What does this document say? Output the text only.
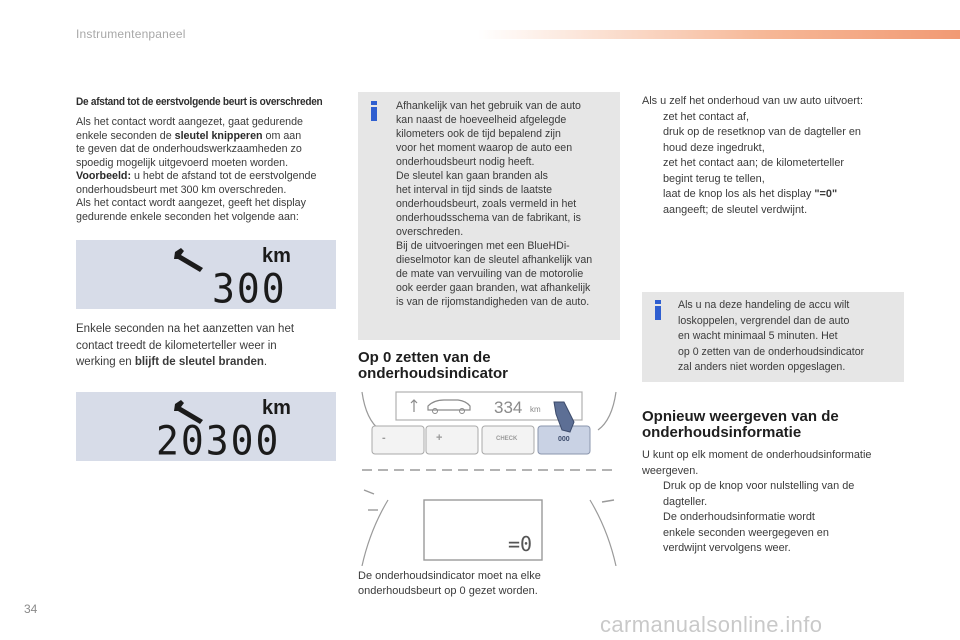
Instrumentenpaneel
De afstand tot de eerstvolgende beurt is overschreden
Als het contact wordt aangezet, gaat gedurende
enkele seconden de sleutel knipperen om aan
te geven dat de onderhoudswerkzaamheden zo
spoedig mogelijk uitgevoerd moeten worden.
Voorbeeld: u hebt de afstand tot de eerstvolgende
onderhoudsbeurt met 300 km overschreden.
Als het contact wordt aangezet, geeft het display
gedurende enkele seconden het volgende aan:
km
300
Enkele seconden na het aanzetten van het
contact treedt de kilometerteller weer in
werking en blijft de sleutel branden.
km
20300
Afhankelijk van het gebruik van de auto
kan naast de hoeveelheid afgelegde
kilometers ook de tijd bepalend zijn
voor het moment waarop de auto een
onderhoudsbeurt nodig heeft.
De sleutel kan gaan branden als
het interval in tijd sinds de laatste
onderhoudsbeurt, zoals vermeld in het
onderhoudsschema van de fabrikant, is
overschreden.
Bij de uitvoeringen met een BlueHDi-
dieselmotor kan de sleutel afhankelijk van
de mate van vervuiling van de motorolie
ook eerder gaan branden, wat afhankelijk
is van de rijomstandigheden van de auto.
Op 0 zetten van de
onderhoudsindicator
334 km
-	+	CHECK	000
=0
De onderhoudsindicator moet na elke
onderhoudsbeurt op 0 gezet worden.
Als u zelf het onderhoud van uw auto uitvoert:
zet het contact af,
druk op de resetknop van de dagteller en
houd deze ingedrukt,
zet het contact aan; de kilometerteller
begint terug te tellen,
laat de knop los als het display "=0"
aangeeft; de sleutel verdwijnt.
Als u na deze handeling de accu wilt
loskoppelen, vergrendel dan de auto
en wacht minimaal 5 minuten. Het
op 0 zetten van de onderhoudsindicator
zal anders niet worden opgeslagen.
Opnieuw weergeven van de
onderhoudsinformatie
U kunt op elk moment de onderhoudsinformatie
weergeven.
Druk op de knop voor nulstelling van de
dagteller.
De onderhoudsinformatie wordt
enkele seconden weergegeven en
verdwijnt vervolgens weer.
34
carmanualsonline.info
